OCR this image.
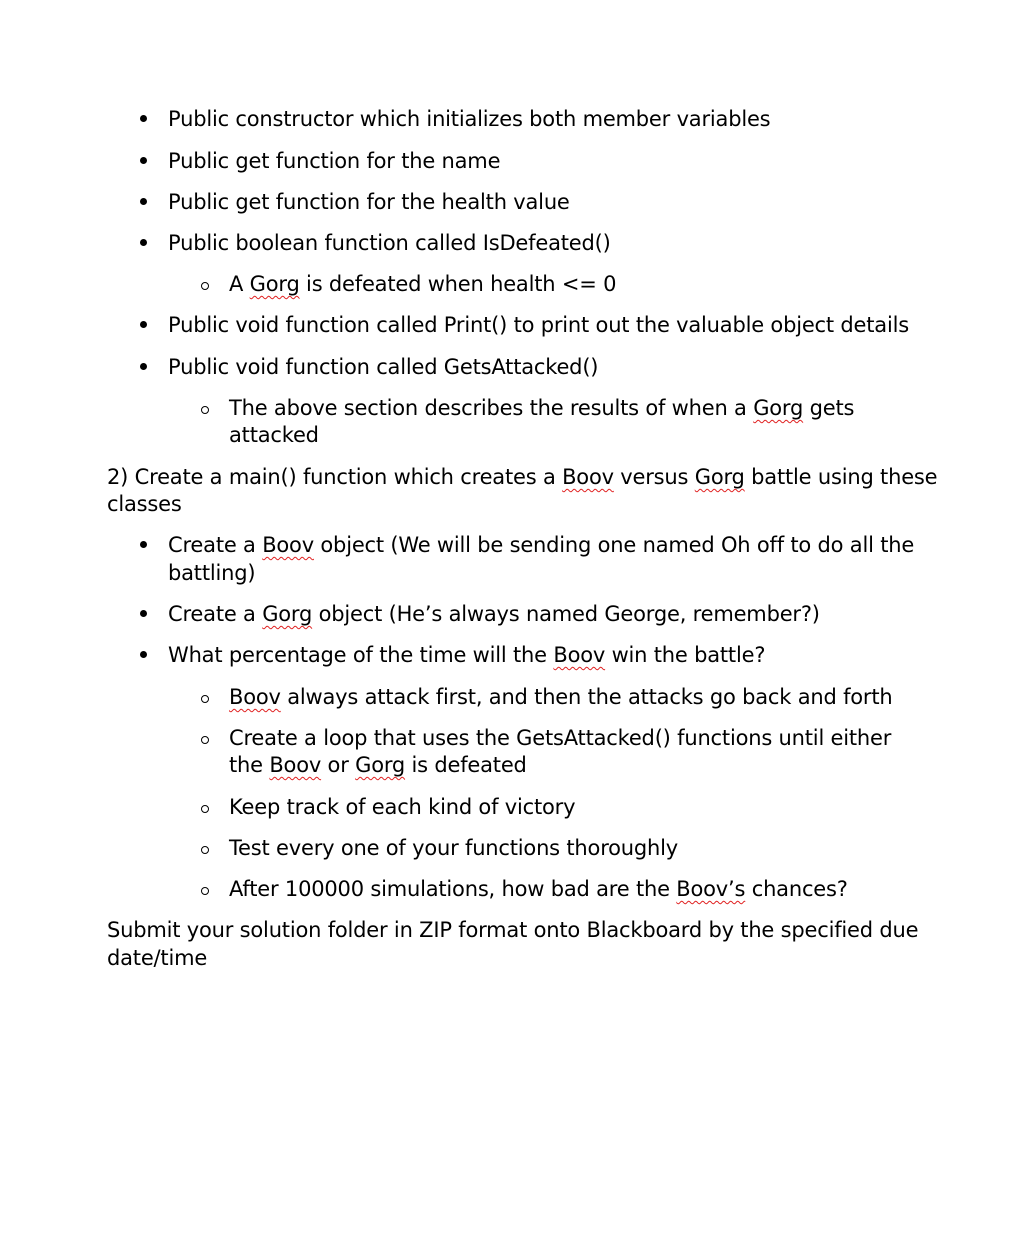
Public constructor which initializes both member variables
Public get function for the name
Public get function for the health value
Public boolean function called IsDefeated()
A Gorg is defeated when health <= 0
Public void function called Print() to print out the valuable object details
Public void function called GetsAttacked()
The above section describes the results of when a Gorg gets
attacked
2) Create a main() function which creates a Boov versus Gorg battle using these
classes
Create a Boov object (We will be sending one named Oh off to do all the
battling)
Create a Gorg object (He’s always named George, remember?)
What percentage of the time will the Boov win the battle?
Boov always attack first, and then the attacks go back and forth
Create a loop that uses the GetsAttacked() functions until either
the Boov or Gorg is defeated
Keep track of each kind of victory
Test every one of your functions thoroughly
After 100000 simulations, how bad are the Boov’s chances?
Submit your solution folder in ZIP format onto Blackboard by the specified due
date/time
